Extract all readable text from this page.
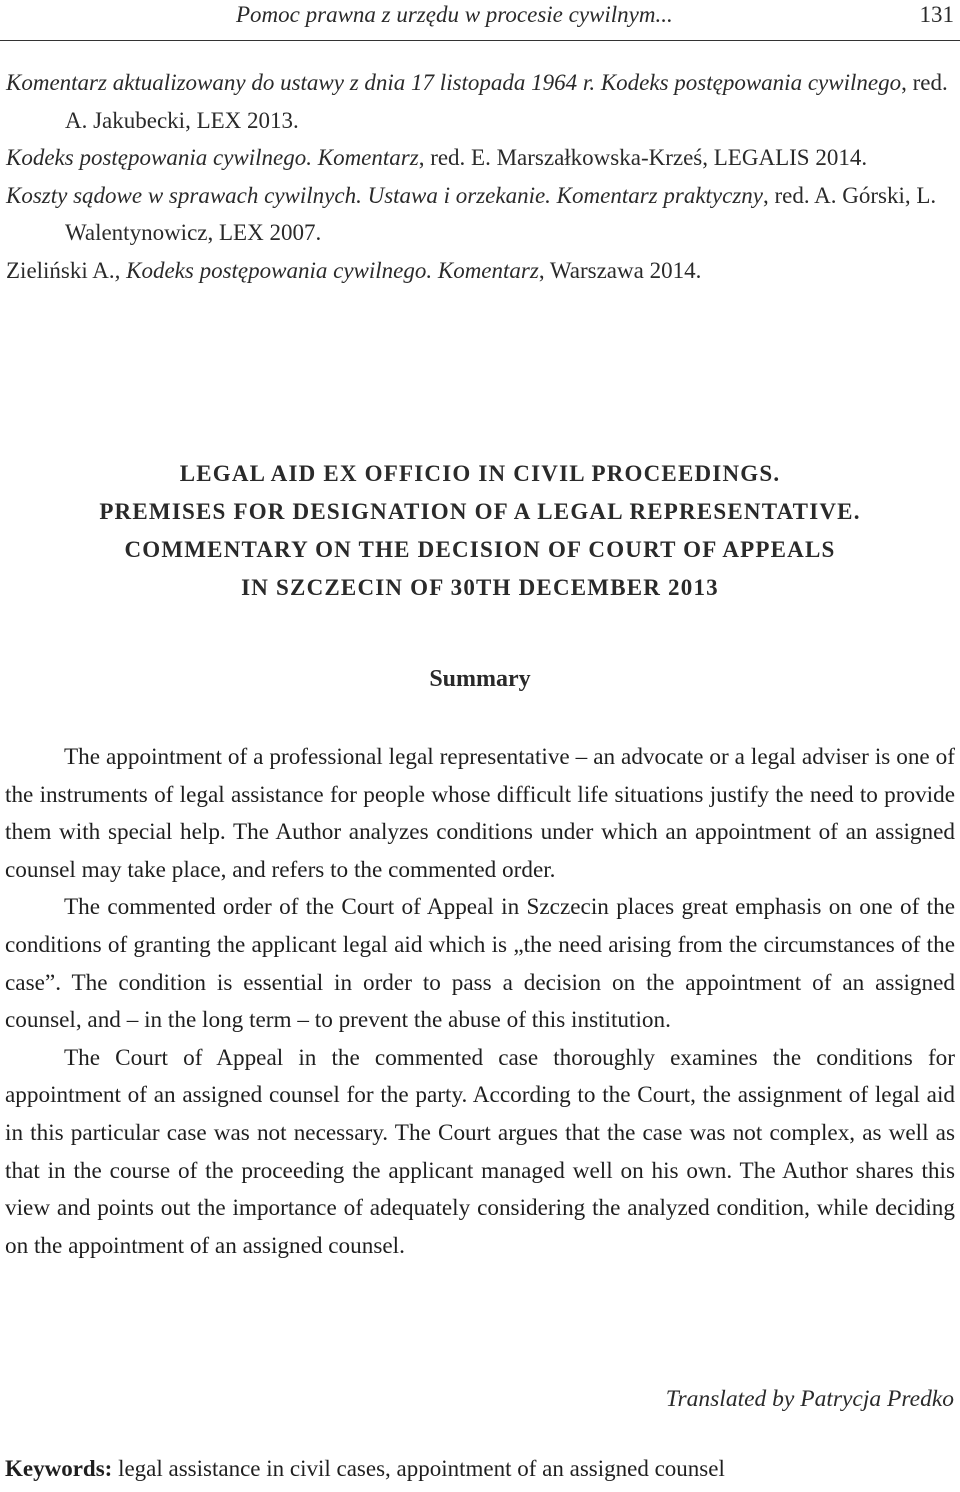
Pomoc prawna z urzędu w procesie cywilnym...	131

Komentarz aktualizowany do ustawy z dnia 17 listopada 1964 r. Kodeks postępowania cywilnego, red. A. Jakubecki, LEX 2013.

Kodeks postępowania cywilnego. Komentarz, red. E. Marszałkowska-Krześ, LEGALIS 2014.

Koszty sądowe w sprawach cywilnych. Ustawa i orzekanie. Komentarz praktyczny, red. A. Górski, L. Walentynowicz, LEX 2007.

Zieliński A., Kodeks postępowania cywilnego. Komentarz, Warszawa 2014.

LEGAL AID EX OFFICIO IN CIVIL PROCEEDINGS.
PREMISES FOR DESIGNATION OF A LEGAL REPRESENTATIVE.
COMMENTARY ON THE DECISION OF COURT OF APPEALS
IN SZCZECIN OF 30TH DECEMBER 2013
Summary

The appointment of a professional legal representative – an advocate or a legal adviser is one of the instruments of legal assistance for people whose difficult life situations justify the need to provide them with special help. The Author analyzes conditions under which an appointment of an assigned counsel may take place, and refers to the commented order.

The commented order of the Court of Appeal in Szczecin places great emphasis on one of the conditions of granting the applicant legal aid which is „the need arising from the circumstances of the case”. The condition is essential in order to pass a decision on the appointment of an assigned counsel, and – in the long term – to prevent the abuse of this institution.

The Court of Appeal in the commented case thoroughly examines the conditions for appointment of an assigned counsel for the party. According to the Court, the assignment of legal aid in this particular case was not necessary. The Court argues that the case was not complex, as well as that in the course of the proceeding the applicant managed well on his own. The Author shares this view and points out the importance of adequately considering the analyzed condition, while deciding on the appointment of an assigned counsel.

Translated by Patrycja Predko
Keywords: legal assistance in civil cases, appointment of an assigned counsel
